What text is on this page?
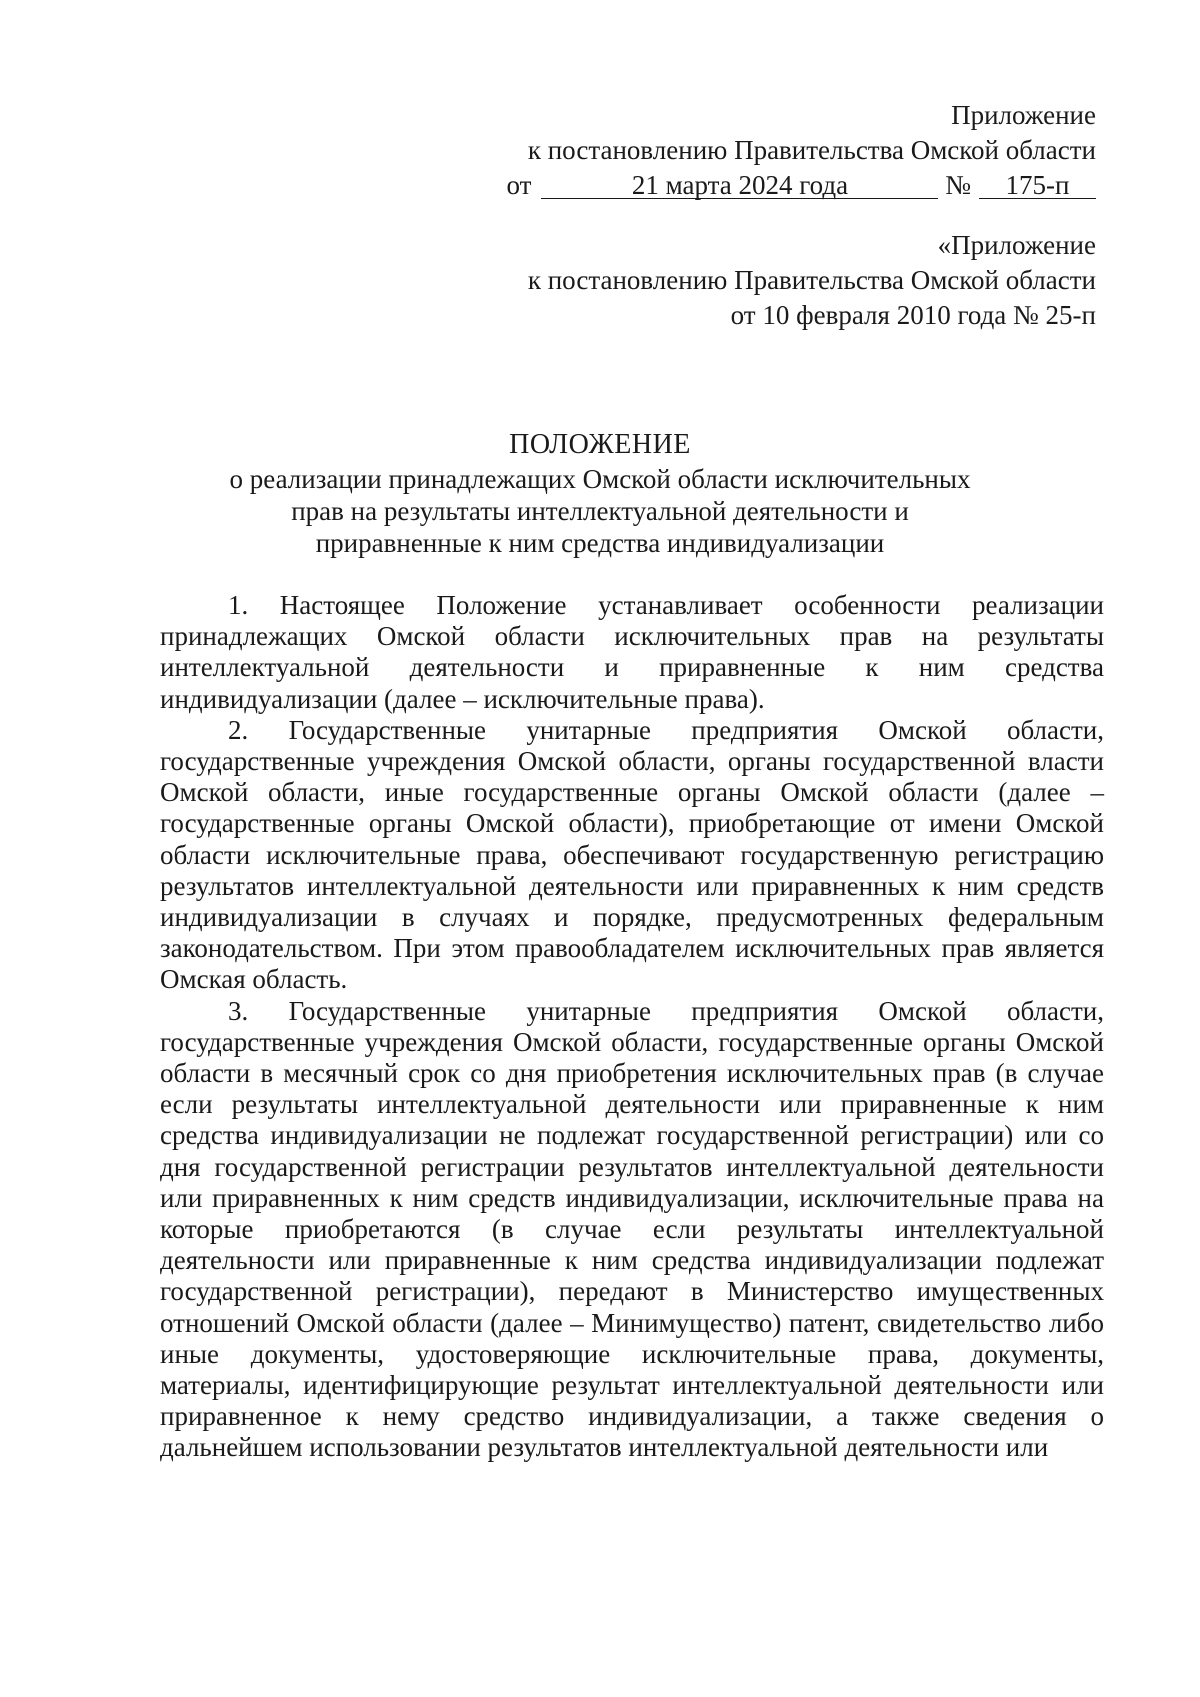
Приложение
к постановлению Правительства Омской области
от	21 марта 2024 года	№ 175-п
«Приложение
к постановлению Правительства Омской области
от 10 февраля 2010 года № 25-п
ПОЛОЖЕНИЕ
о реализации принадлежащих Омской области исключительных
прав на результаты интеллектуальной деятельности и
приравненные к ним средства индивидуализации

1. Настоящее Положение устанавливает особенности реализации принадлежащих Омской области исключительных прав на результаты интеллектуальной деятельности и приравненные к ним средства индивидуализации (далее – исключительные права).

2. Государственные унитарные предприятия Омской области, государственные учреждения Омской области, органы государственной власти Омской области, иные государственные органы Омской области (далее – государственные органы Омской области), приобретающие от имени Омской области исключительные права, обеспечивают государственную регистрацию результатов интеллектуальной деятельности или приравненных к ним средств индивидуализации в случаях и порядке, предусмотренных федеральным законодательством. При этом правообладателем исключительных прав является Омская область.

3. Государственные унитарные предприятия Омской области, государственные учреждения Омской области, государственные органы Омской области в месячный срок со дня приобретения исключительных прав (в случае если результаты интеллектуальной деятельности или приравненные к ним средства индивидуализации не подлежат государственной регистрации) или со дня государственной регистрации результатов интеллектуальной деятельности или приравненных к ним средств индивидуализации, исключительные права на которые приобретаются (в случае если результаты интеллектуальной деятельности или приравненные к ним средства индивидуализации подлежат государственной регистрации), передают в Министерство имущественных отношений Омской области (далее – Минимущество) патент, свидетельство либо иные документы, удостоверяющие исключительные права, документы, материалы, идентифицирующие результат интеллектуальной деятельности или приравненное к нему средство индивидуализации, а также сведения о дальнейшем использовании результатов интеллектуальной деятельности или
